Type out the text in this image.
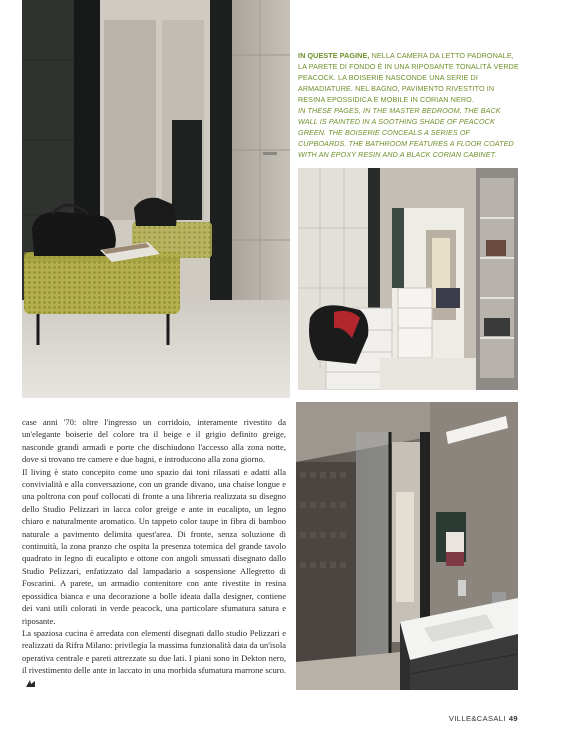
IN QUESTE PAGINE, NELLA CAMERA DA LETTO PADRONALE, LA PARETE DI FONDO È IN UNA RIPOSANTE TONALITÀ VERDE PEACOCK. LA BOISERIE NASCONDE UNA SERIE DI ARMADIATURE. NEL BAGNO, PAVIMENTO RIVESTITO IN RESINA EPOSSIDICA E MOBILE IN CORIAN NERO.
IN THESE PAGES, IN THE MASTER BEDROOM, THE BACK WALL IS PAINTED IN A SOOTHING SHADE OF PEACOCK GREEN. THE BOISERIE CONCEALS A SERIES OF CUPBOARDS. THE BATHROOM FEATURES A FLOOR COATED WITH AN EPOXY RESIN AND A BLACK CORIAN CABINET.

case anni '70: oltre l'ingresso un corridoio, interamente rivestito da un'elegante boiserie del colore tra il beige e il grigio definito greige, nasconde grandi armadi e porte che dischiudono l'accesso alla zona notte, dove si trovano tre camere e due bagni, e introducono alla zona giorno.

Il living è stato concepito come uno spazio dai toni rilassati e adatti alla convivialità e alla conversazione, con un grande divano, una chaise longue e una poltrona con pouf collocati di fronte a una libreria realizzata su disegno dello Studio Pelizzari in lacca color greige e ante in eucalipto, un legno chiaro e naturalmente aromatico. Un tappeto color taupe in fibra di bamboo naturale a pavimento delimita quest'area. Di fronte, senza soluzione di continuità, la zona pranzo che ospita la presenza totemica del grande tavolo quadrato in legno di eucalipto e ottone con angoli smussati disegnato dallo Studio Pelizzari, enfatizzato dal lampadario a sospensione Allegretto di Foscarini. A parete, un armadio contenitore con ante rivestite in resina epossidica bianca e una decorazione a bolle ideata dalla designer, contiene dei vani utili colorati in verde peacock, una particolare sfumatura satura e riposante.

La spaziosa cucina è arredata con elementi disegnati dallo studio Pelizzari e realizzati da Rifra Milano: privilegia la massima funzionalità data da un'isola operativa centrale e pareti attrezzate su due lati. I piani sono in Dekton nero, il rivestimento delle ante in laccato in una morbida sfumatura marrone scuro.

VILLE&CASALI 49
